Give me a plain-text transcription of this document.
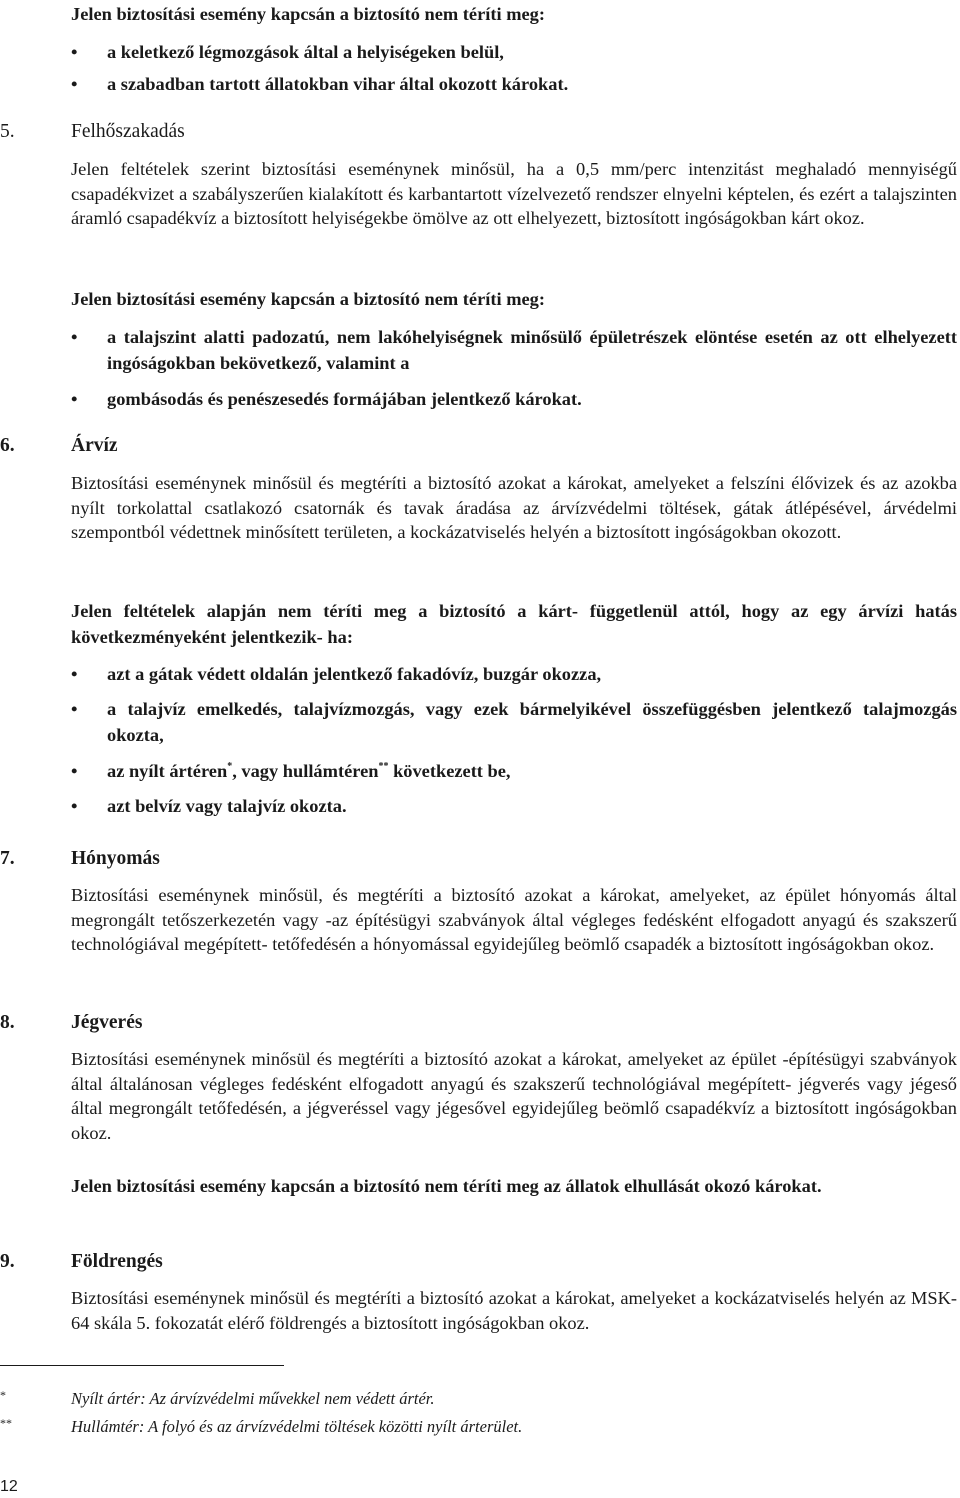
Jelen biztosítási esemény kapcsán a biztosító nem téríti meg:

•	a keletkező légmozgások által a helyiségeken belül,
•	a szabadban tartott állatokban vihar által okozott károkat.
5.	Felhőszakadás

Jelen feltételek szerint biztosítási eseménynek minősül, ha a 0,5 mm/perc intenzitást meghaladó mennyiségű csapadékvizet a szabályszerűen kialakított és karbantartott vízelvezető rendszer elnyelni képtelen, és ezért a talajszinten áramló csapadékvíz a biztosított helyiségekbe ömölve az ott elhelyezett, biztosított ingóságokban kárt okoz.

Jelen biztosítási esemény kapcsán a biztosító nem téríti meg:

• a talajszint alatti padozatú, nem lakóhelyiségnek minősülő épületrészek elöntése esetén az ott elhelyezett ingóságokban bekövetkező, valamint a

• gombásodás és penészesedés formájában jelentkező károkat.

6.	Árvíz

Biztosítási eseménynek minősül és megtéríti a biztosító azokat a károkat, amelyeket a felszíni élővizek és az azokba nyílt torkolattal csatlakozó csatornák és tavak áradása az árvízvédelmi töltések, gátak átlépésével, árvédelmi szempontból védettnek minősített területen, a kockázatviselés helyén a biztosított ingóságokban okozott.

Jelen feltételek alapján nem téríti meg a biztosító a kárt- függetlenül attól, hogy az egy árvízi hatás következményeként jelentkezik- ha:

• azt a gátak védett oldalán jelentkező fakadóvíz, buzgár okozza,

• a talajvíz emelkedés, talajvízmozgás, vagy ezek bármelyikével összefüggésben jelentkező talajmozgás okozta,

• az nyílt ártéren*, vagy hullámtéren** következett be,

• azt belvíz vagy talajvíz okozta.

7.	Hónyomás

Biztosítási eseménynek minősül, és megtéríti a biztosító azokat a károkat, amelyeket, az épület hónyomás által megrongált tetőszerkezetén vagy -az építésügyi szabványok által végleges fedésként elfogadott anyagú és szakszerű technológiával megépített- tetőfedésén a hónyomással egyidejűleg beömlő csapadék a biztosított ingóságokban okoz.

8.	Jégverés

Biztosítási eseménynek minősül és megtéríti a biztosító azokat a károkat, amelyeket az épület -építésügyi szabványok által általánosan végleges fedésként elfogadott anyagú és szakszerű technológiával megépített- jégverés vagy jégeső által megrongált tetőfedésén, a jégveréssel vagy jégesővel egyidejűleg beömlő csapadékvíz a biztosított ingóságokban okoz.

Jelen biztosítási esemény kapcsán a biztosító nem téríti meg az állatok elhullását okozó károkat.

9.	Földrengés

Biztosítási eseménynek minősül és megtéríti a biztosító azokat a károkat, amelyeket a kockázatviselés helyén az MSK-64 skála 5. fokozatát elérő földrengés a biztosított ingóságokban okoz.

*	Nyílt ártér: Az árvízvédelmi művekkel nem védett ártér.
**	Hullámtér: A folyó és az árvízvédelmi töltések közötti nyílt árterület.
12
